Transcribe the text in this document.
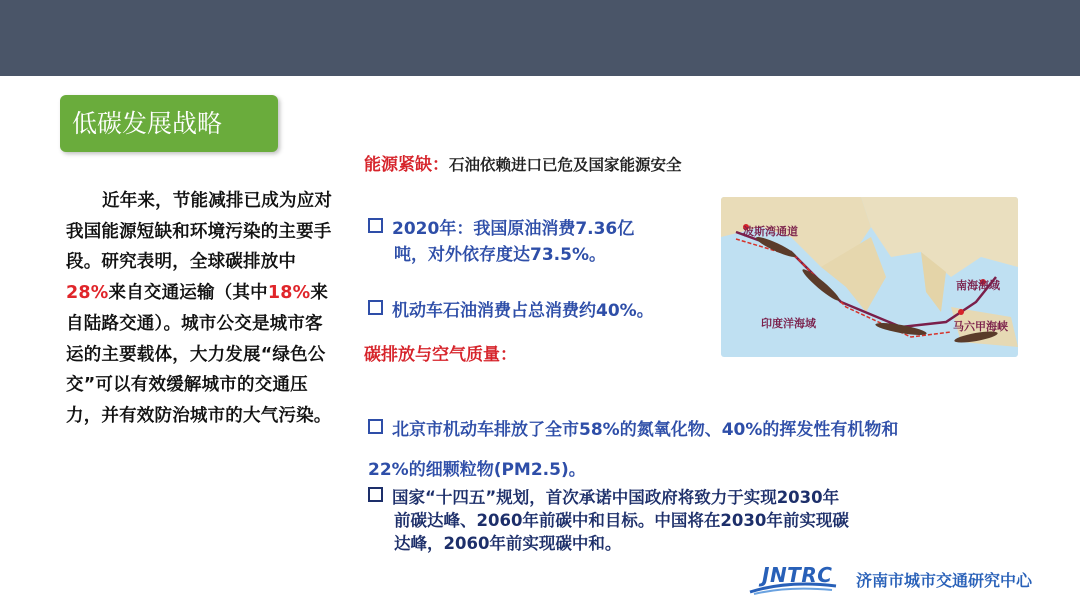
低碳发展战略
近年来，节能减排已成为应对我国能源短缺和环境污染的主要手段。研究表明，全球碳排放中28%来自交通运输（其中18%来自陆路交通）。城市公交是城市客运的主要载体，大力发展“绿色公交”可以有效缓解城市的交通压力，并有效防治城市的大气污染。
能源紧缺：石油依赖进口已危及国家能源安全
2020年：我国原油消费7.36亿
吨，对外依存度达73.5%。
机动车石油消费占总消费约40%。
碳排放与空气质量：
北京市机动车排放了全市58%的氮氧化物、40%的挥发性有机物和
22%的细颗粒物(PM2.5)。
国家“十四五”规划，首次承诺中国政府将致力于实现2030年
前碳达峰、2060年前碳中和目标。中国将在2030年前实现碳
达峰，2060年前实现碳中和。
波斯湾通道
南海海域
印度洋海域	马六甲海峡
JNTRC 济南市城市交通研究中心
